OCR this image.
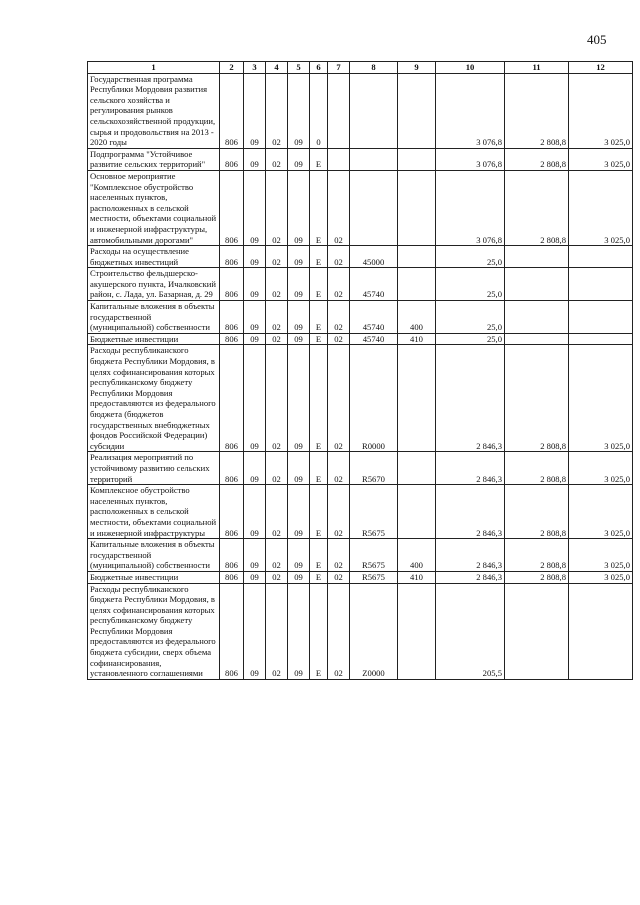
405
1	2	3	4	5	6	7	8	9	10	11	12
Государственная программа Республики Мордовия развития сельского хозяйства и регулирования рынков сельскохозяйственной продукции, сырья и продовольствия на 2013 - 2020 годы	806	09	02	09	0				3 076,8	2 808,8	3 025,0
Подпрограмма "Устойчивое развитие сельских территорий"	806	09	02	09	Е				3 076,8	2 808,8	3 025,0
Основное мероприятие "Комплексное обустройство населенных пунктов, расположенных в сельской местности, объектами социальной и инженерной инфраструктуры, автомобильными дорогами"	806	09	02	09	Е	02			3 076,8	2 808,8	3 025,0
Расходы на осуществление бюджетных инвестиций	806	09	02	09	Е	02	45000		25,0		
Строительство фельдшерско-акушерского пункта, Ичалковский район, с. Лада, ул. Базарная, д. 29	806	09	02	09	Е	02	45740		25,0		
Капитальные вложения в объекты государственной (муниципальной) собственности	806	09	02	09	Е	02	45740	400	25,0		
Бюджетные инвестиции	806	09	02	09	Е	02	45740	410	25,0		
Расходы республиканского бюджета Республики Мордовия, в целях софинансирования которых республиканскому бюджету Республики Мордовия предоставляются из федерального бюджета (бюджетов государственных внебюджетных фондов Российской Федерации) субсидии	806	09	02	09	Е	02	R0000		2 846,3	2 808,8	3 025,0
Реализация мероприятий по устойчивому развитию сельских территорий	806	09	02	09	Е	02	R5670		2 846,3	2 808,8	3 025,0
Комплексное обустройство населенных пунктов, расположенных в сельской местности, объектами социальной и инженерной инфраструктуры	806	09	02	09	Е	02	R5675		2 846,3	2 808,8	3 025,0
Капитальные вложения в объекты государственной (муниципальной) собственности	806	09	02	09	Е	02	R5675	400	2 846,3	2 808,8	3 025,0
Бюджетные инвестиции	806	09	02	09	Е	02	R5675	410	2 846,3	2 808,8	3 025,0
Расходы республиканского бюджета Республики Мордовия, в целях софинансирования которых республиканскому бюджету Республики Мордовия предоставляются из федерального бюджета субсидии, сверх объема софинансирования, установленного соглашениями	806	09	02	09	Е	02	Z0000		205,5		
